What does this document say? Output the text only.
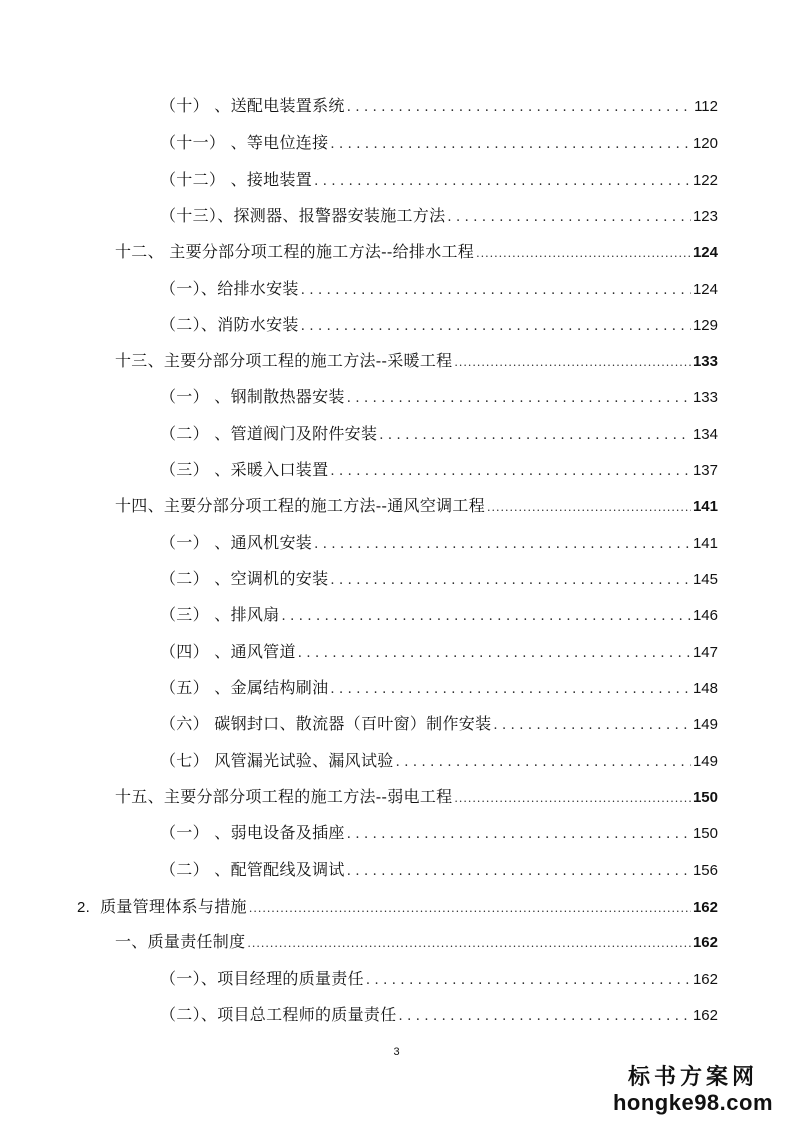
（十） 、送配电装置系统 .....	112
（十一） 、等电位连接 .....	120
（十二） 、接地装置 .....	122
（十三）、探测器、报警器安装施工方法 .....	123
十二、 主要分部分项工程的施工方法--给排水工程 .....	124
（一）、给排水安装 .....	124
（二）、消防水安装 .....	129
十三、主要分部分项工程的施工方法--采暖工程 .....	133
（一） 、钢制散热器安装 .....	133
（二） 、管道阀门及附件安装 .....	134
（三） 、采暖入口装置 .....	137
十四、主要分部分项工程的施工方法--通风空调工程 .....	141
（一） 、通风机安装 .....	141
（二） 、空调机的安装 .....	145
（三） 、排风扇 .....	146
（四） 、通风管道 .....	147
（五） 、金属结构刷油 .....	148
（六） 碳钢封口、散流器（百叶窗）制作安装 .....	149
（七） 风管漏光试验、漏风试验 .....	149
十五、主要分部分项工程的施工方法--弱电工程 .....	150
（一） 、弱电设备及插座 .....	150
（二） 、配管配线及调试 .....	156
2. 质量管理体系与措施 .....	162
一、质量责任制度 .....	162
（一）、项目经理的质量责任 .....	162
（二）、项目总工程师的质量责任 .....	162
3
标书方案网
hongke98.com
